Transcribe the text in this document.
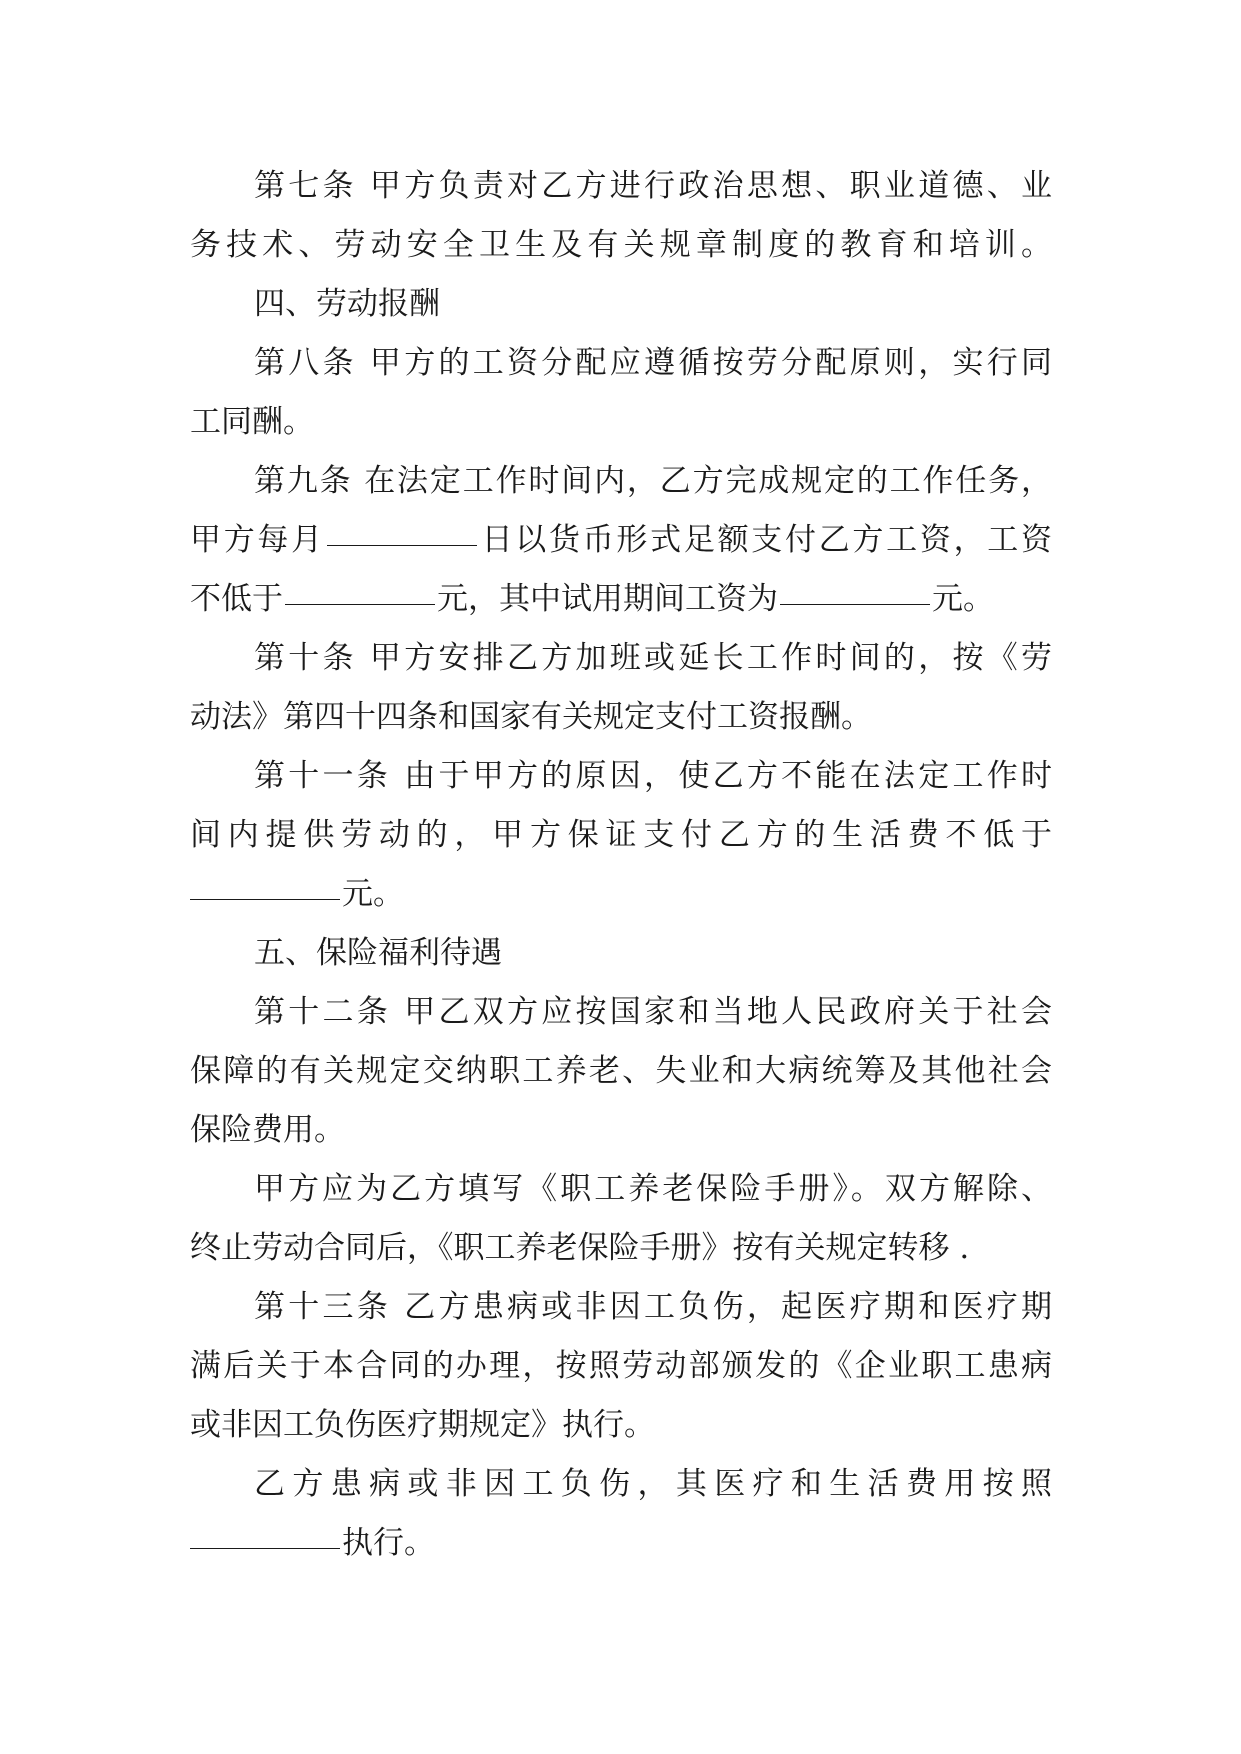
第七条 甲方负责对乙方进行政治思想、职业道德、业
务技术、劳动安全卫生及有关规章制度的教育和培训。
四、劳动报酬
第八条 甲方的工资分配应遵循按劳分配原则，实行同
工同酬。
第九条 在法定工作时间内，乙方完成规定的工作任务，
甲方每月	日以货币形式足额支付乙方工资，工资
不低于	元，其中试用期间工资为	元。
第十条 甲方安排乙方加班或延长工作时间的，按《劳
动法》第四十四条和国家有关规定支付工资报酬。
第十一条 由于甲方的原因，使乙方不能在法定工作时
间内提供劳动的，甲方保证支付乙方的生活费不低于
元。
五、保险福利待遇
第十二条 甲乙双方应按国家和当地人民政府关于社会
保障的有关规定交纳职工养老、失业和大病统筹及其他社会
保险费用。
甲方应为乙方填写《职工养老保险手册》。双方解除、
终止劳动合同后，《职工养老保险手册》按有关规定转移 .
第十三条 乙方患病或非因工负伤，起医疗期和医疗期
满后关于本合同的办理，按照劳动部颁发的《企业职工患病
或非因工负伤医疗期规定》执行。
乙方患病或非因工负伤，其医疗和生活费用按照
执行。
